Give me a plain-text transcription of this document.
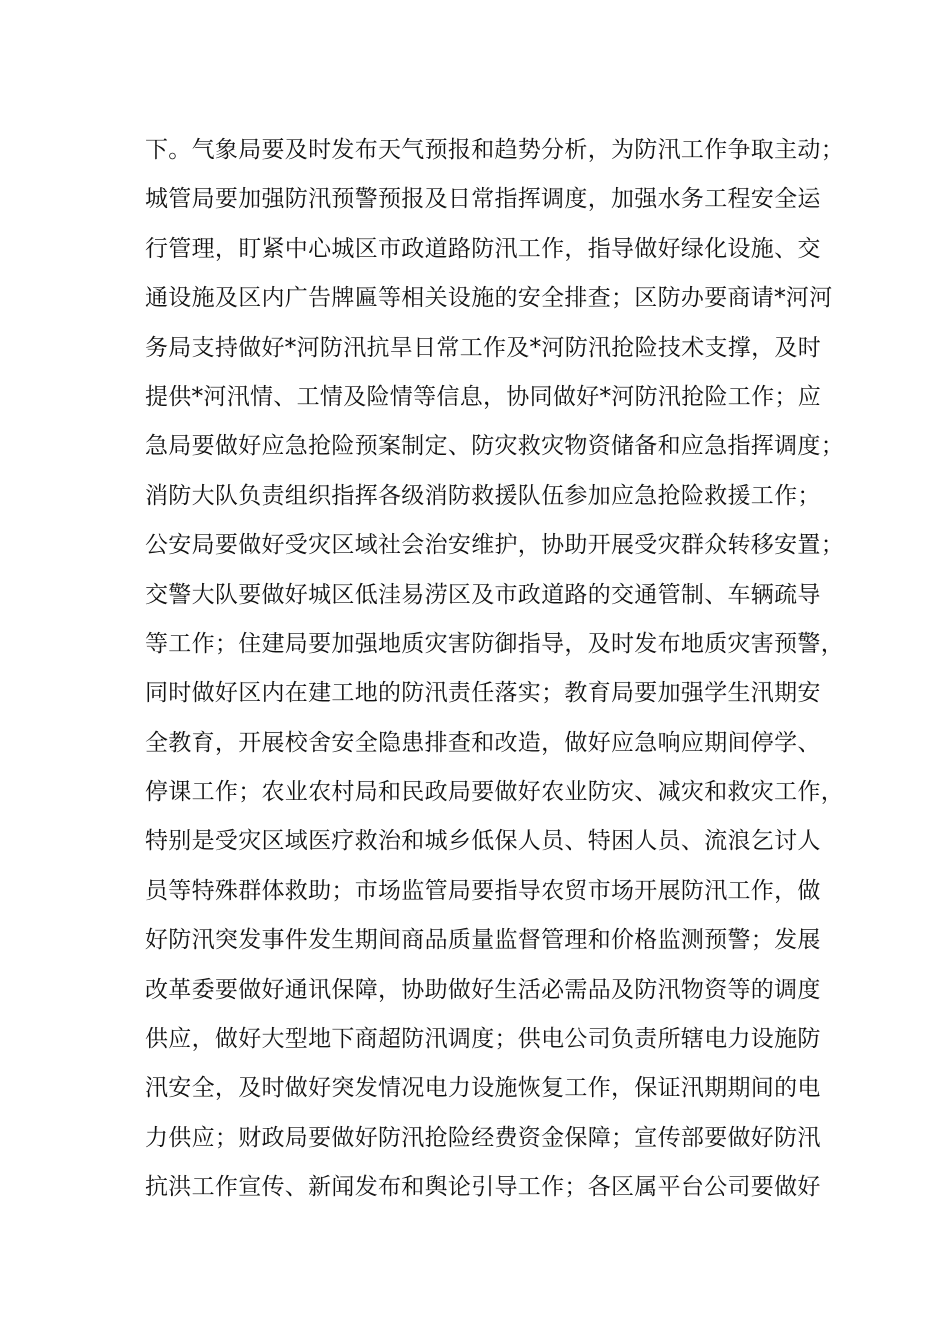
下。气象局要及时发布天气预报和趋势分析，为防汛工作争取主动；
城管局要加强防汛预警预报及日常指挥调度，加强水务工程安全运
行管理，盯紧中心城区市政道路防汛工作，指导做好绿化设施、交
通设施及区内广告牌匾等相关设施的安全排查；区防办要商请*河河
务局支持做好*河防汛抗旱日常工作及*河防汛抢险技术支撑，及时
提供*河汛情、工情及险情等信息，协同做好*河防汛抢险工作；应
急局要做好应急抢险预案制定、防灾救灾物资储备和应急指挥调度；
消防大队负责组织指挥各级消防救援队伍参加应急抢险救援工作；
公安局要做好受灾区域社会治安维护，协助开展受灾群众转移安置；
交警大队要做好城区低洼易涝区及市政道路的交通管制、车辆疏导
等工作；住建局要加强地质灾害防御指导，及时发布地质灾害预警，
同时做好区内在建工地的防汛责任落实；教育局要加强学生汛期安
全教育，开展校舍安全隐患排查和改造，做好应急响应期间停学、
停课工作；农业农村局和民政局要做好农业防灾、减灾和救灾工作，
特别是受灾区域医疗救治和城乡低保人员、特困人员、流浪乞讨人
员等特殊群体救助；市场监管局要指导农贸市场开展防汛工作，做
好防汛突发事件发生期间商品质量监督管理和价格监测预警；发展
改革委要做好通讯保障，协助做好生活必需品及防汛物资等的调度
供应，做好大型地下商超防汛调度；供电公司负责所辖电力设施防
汛安全，及时做好突发情况电力设施恢复工作，保证汛期期间的电
力供应；财政局要做好防汛抢险经费资金保障；宣传部要做好防汛
抗洪工作宣传、新闻发布和舆论引导工作；各区属平台公司要做好
